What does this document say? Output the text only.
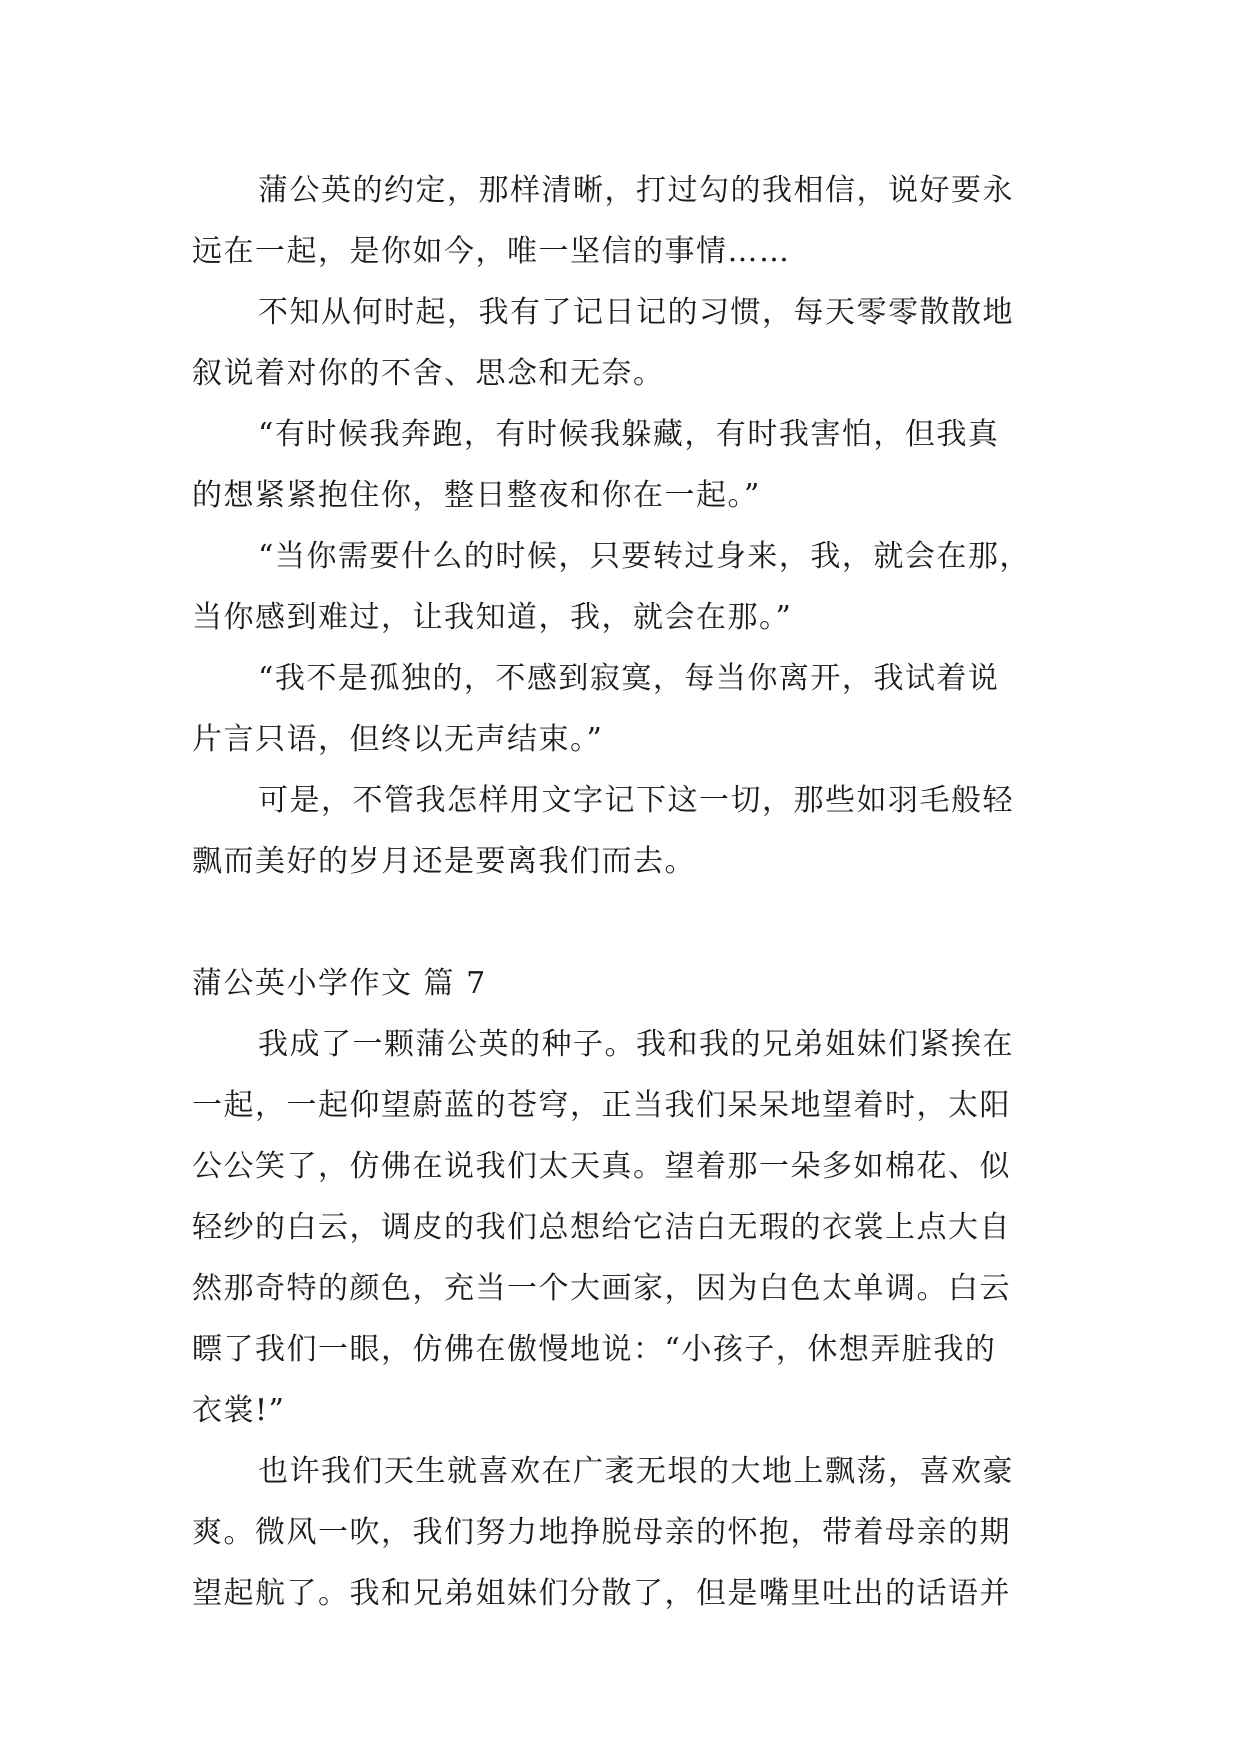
蒲公英的约定，那样清晰，打过勾的我相信，说好要永
远在一起，是你如今，唯一坚信的事情……
不知从何时起，我有了记日记的习惯，每天零零散散地
叙说着对你的不舍、思念和无奈。
“有时候我奔跑，有时候我躲藏，有时我害怕，但我真
的想紧紧抱住你，整日整夜和你在一起。”
“当你需要什么的时候，只要转过身来，我，就会在那，
当你感到难过，让我知道，我，就会在那。”
“我不是孤独的，不感到寂寞，每当你离开，我试着说
片言只语，但终以无声结束。”
可是，不管我怎样用文字记下这一切，那些如羽毛般轻
飘而美好的岁月还是要离我们而去。
蒲公英小学作文 篇 7
我成了一颗蒲公英的种子。我和我的兄弟姐妹们紧挨在
一起，一起仰望蔚蓝的苍穹，正当我们呆呆地望着时，太阳
公公笑了，仿佛在说我们太天真。望着那一朵多如棉花、似
轻纱的白云，调皮的我们总想给它洁白无瑕的衣裳上点大自
然那奇特的颜色，充当一个大画家，因为白色太单调。白云
瞟了我们一眼，仿佛在傲慢地说：“小孩子，休想弄脏我的
衣裳!”
也许我们天生就喜欢在广袤无垠的大地上飘荡，喜欢豪
爽。微风一吹，我们努力地挣脱母亲的怀抱，带着母亲的期
望起航了。我和兄弟姐妹们分散了，但是嘴里吐出的话语并
